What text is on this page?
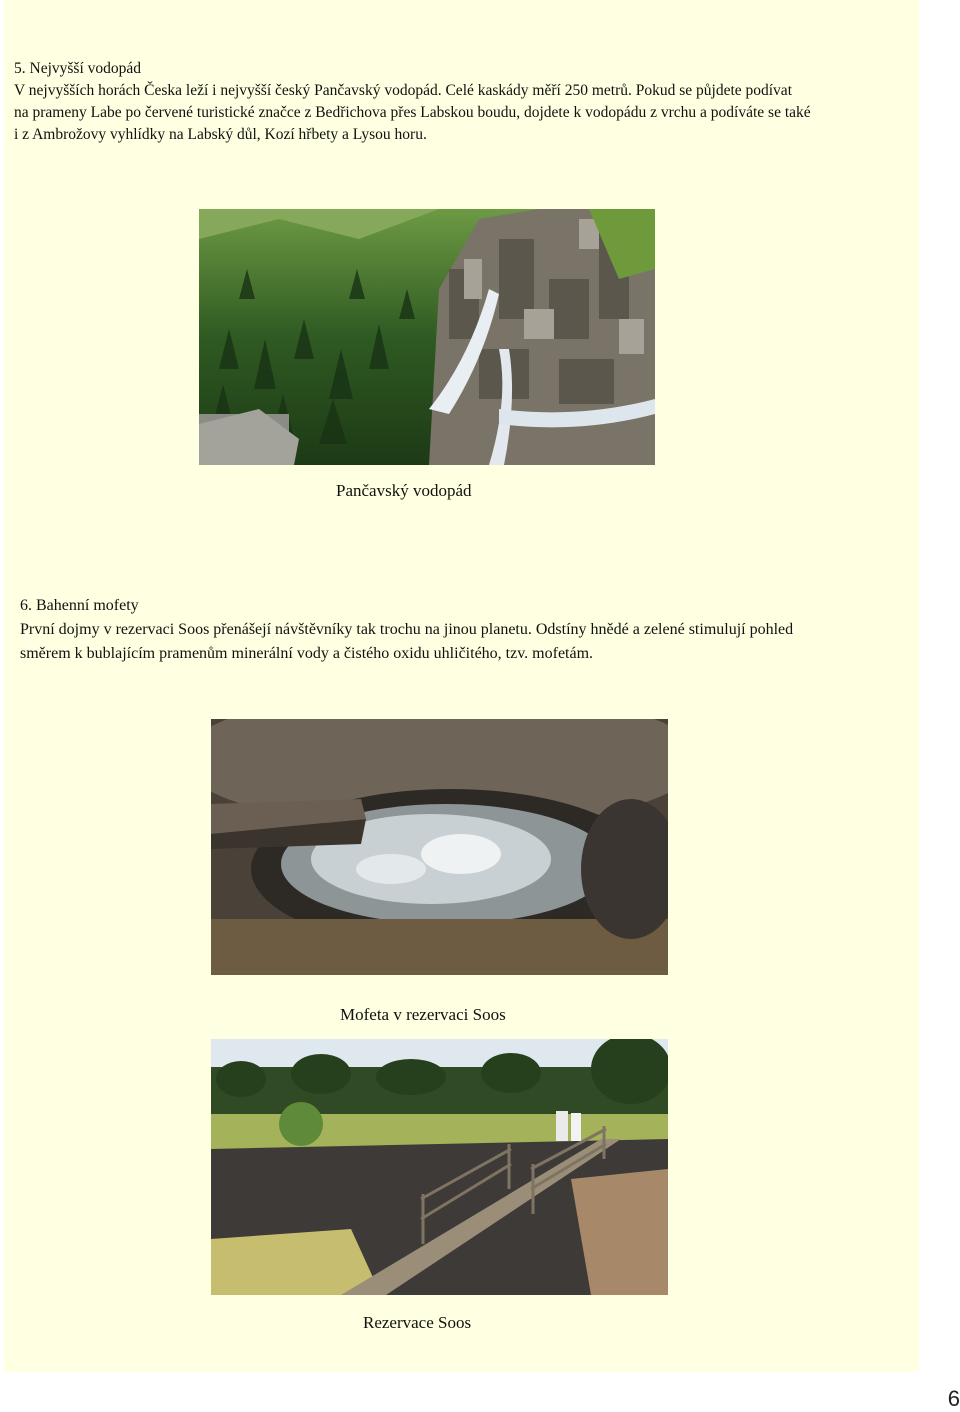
5. Nejvyšší vodopád
V nejvyšších horách Česka leží i nejvyšší český Pančavský vodopád. Celé kaskády měří 250 metrů. Pokud se půjdete podívat
na prameny Labe po červené turistické značce z Bedřichova přes Labskou boudu, dojdete k vodopádu z vrchu a podíváte se také
i z Ambrožovy vyhlídky na Labský důl, Kozí hřbety a Lysou horu.
Pančavský vodopád
6. Bahenní mofety
První dojmy v rezervaci Soos přenášejí návštěvníky tak trochu na jinou planetu. Odstíny hnědé a zelené stimulují pohled
směrem k bublajícím pramenům minerální vody a čistého oxidu uhličitého, tzv. mofetám.
Mofeta v rezervaci Soos
Rezervace Soos
6
